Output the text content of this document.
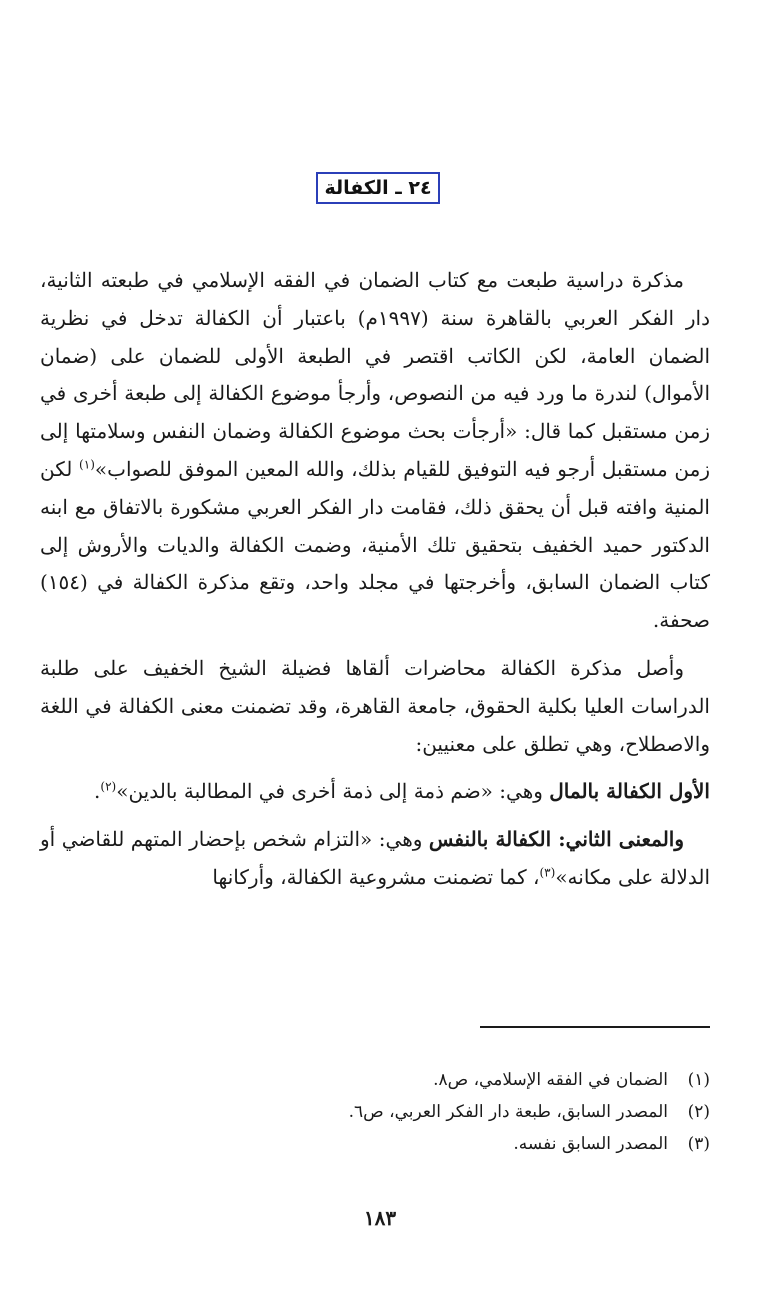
٢٤ ـ الكفالة

مذكرة دراسية طبعت مع كتاب الضمان في الفقه الإسلامي في طبعته الثانية، دار الفكر العربي بالقاهرة سنة (١٩٩٧م) باعتبار أن الكفالة تدخل في نظرية الضمان العامة، لكن الكاتب اقتصر في الطبعة الأولى للضمان على (ضمان الأموال) لندرة ما ورد فيه من النصوص، وأرجأ موضوع الكفالة إلى طبعة أخرى في زمن مستقبل كما قال: «أرجأت بحث موضوع الكفالة وضمان النفس وسلامتها إلى زمن مستقبل أرجو فيه التوفيق للقيام بذلك، والله المعين الموفق للصواب»$^{(١)}$ لكن المنية وافته قبل أن يحقق ذلك، فقامت دار الفكر العربي مشكورة بالاتفاق مع ابنه الدكتور حميد الخفيف بتحقيق تلك الأمنية، وضمت الكفالة والديات والأروش إلى كتاب الضمان السابق، وأخرجتها في مجلد واحد، وتقع مذكرة الكفالة في (١٥٤) صحفة.

وأصل مذكرة الكفالة محاضرات ألقاها فضيلة الشيخ الخفيف على طلبة الدراسات العليا بكلية الحقوق، جامعة القاهرة، وقد تضمنت معنى الكفالة في اللغة والاصطلاح، وهي تطلق على معنيين:

الأول الكفالة بالمال وهي: «ضم ذمة إلى ذمة أخرى في المطالبة بالدين»$^{(٢)}$.

والمعنى الثاني: الكفالة بالنفس وهي: «التزام شخص بإحضار المتهم للقاضي أو الدلالة على مكانه»$^{(٣)}$، كما تضمنت مشروعية الكفالة، وأركانها

(١)
الضمان في الفقه الإسلامي، ص٨.
(٢)
المصدر السابق، طبعة دار الفكر العربي، ص٦.
(٣)
المصدر السابق نفسه.
١٨٣
